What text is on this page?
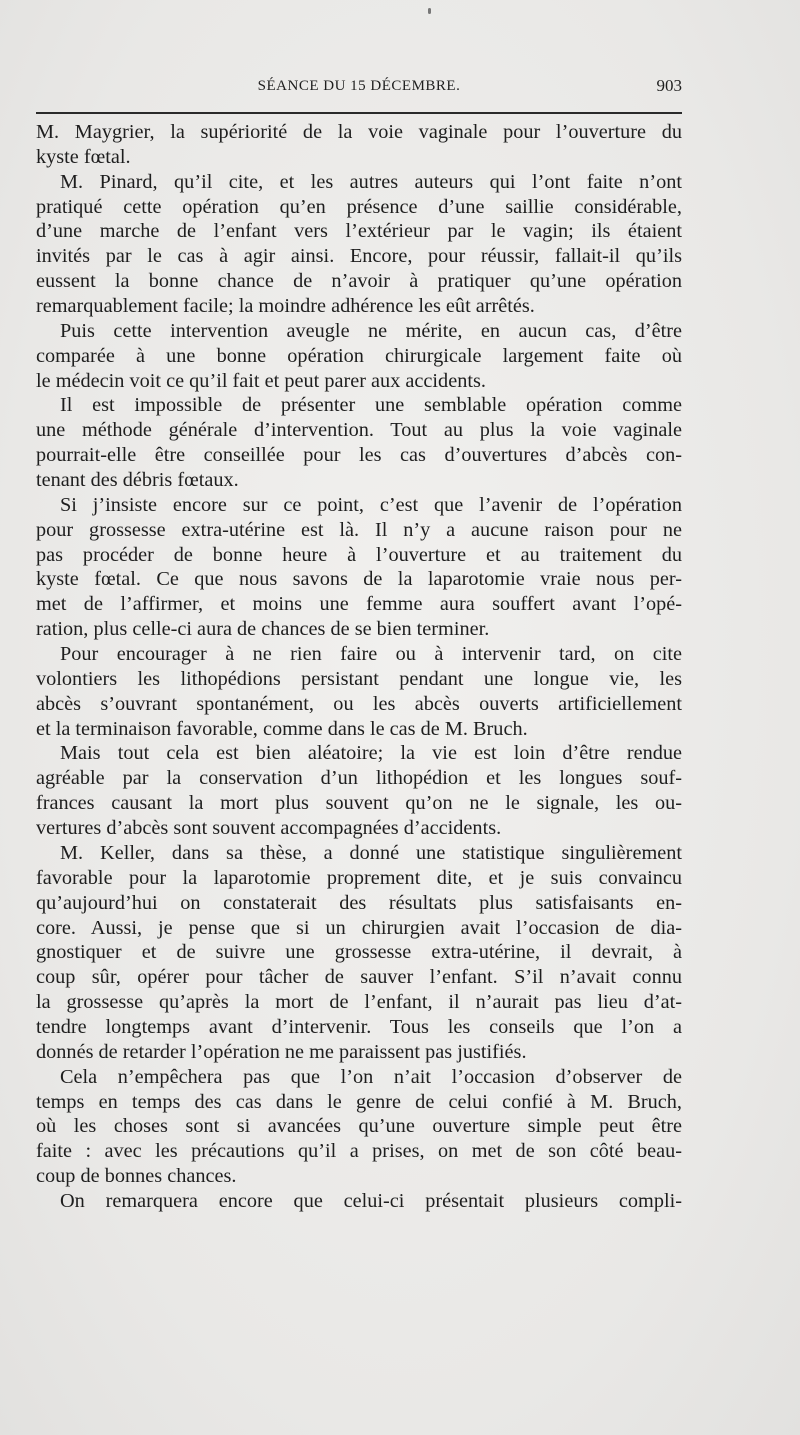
SÉANCE DU 15 DÉCEMBRE.	903
M. Maygrier, la supériorité de la voie vaginale pour l’ouverture du
kyste fœtal.
M. Pinard, qu’il cite, et les autres auteurs qui l’ont faite n’ont
pratiqué cette opération qu’en présence d’une saillie considérable,
d’une marche de l’enfant vers l’extérieur par le vagin; ils étaient
invités par le cas à agir ainsi. Encore, pour réussir, fallait-il qu’ils
eussent la bonne chance de n’avoir à pratiquer qu’une opération
remarquablement facile; la moindre adhérence les eût arrêtés.
Puis cette intervention aveugle ne mérite, en aucun cas, d’être
comparée à une bonne opération chirurgicale largement faite où
le médecin voit ce qu’il fait et peut parer aux accidents.
Il est impossible de présenter une semblable opération comme
une méthode générale d’intervention. Tout au plus la voie vaginale
pourrait-elle être conseillée pour les cas d’ouvertures d’abcès con-
tenant des débris fœtaux.
Si j’insiste encore sur ce point, c’est que l’avenir de l’opération
pour grossesse extra-utérine est là. Il n’y a aucune raison pour ne
pas procéder de bonne heure à l’ouverture et au traitement du
kyste fœtal. Ce que nous savons de la laparotomie vraie nous per-
met de l’affirmer, et moins une femme aura souffert avant l’opé-
ration, plus celle-ci aura de chances de se bien terminer.
Pour encourager à ne rien faire ou à intervenir tard, on cite
volontiers les lithopédions persistant pendant une longue vie, les
abcès s’ouvrant spontanément, ou les abcès ouverts artificiellement
et la terminaison favorable, comme dans le cas de M. Bruch.
Mais tout cela est bien aléatoire; la vie est loin d’être rendue
agréable par la conservation d’un lithopédion et les longues souf-
frances causant la mort plus souvent qu’on ne le signale, les ou-
vertures d’abcès sont souvent accompagnées d’accidents.
M. Keller, dans sa thèse, a donné une statistique singulièrement
favorable pour la laparotomie proprement dite, et je suis convaincu
qu’aujourd’hui on constaterait des résultats plus satisfaisants en-
core. Aussi, je pense que si un chirurgien avait l’occasion de dia-
gnostiquer et de suivre une grossesse extra-utérine, il devrait, à
coup sûr, opérer pour tâcher de sauver l’enfant. S’il n’avait connu
la grossesse qu’après la mort de l’enfant, il n’aurait pas lieu d’at-
tendre longtemps avant d’intervenir. Tous les conseils que l’on a
donnés de retarder l’opération ne me paraissent pas justifiés.
Cela n’empêchera pas que l’on n’ait l’occasion d’observer de
temps en temps des cas dans le genre de celui confié à M. Bruch,
où les choses sont si avancées qu’une ouverture simple peut être
faite : avec les précautions qu’il a prises, on met de son côté beau-
coup de bonnes chances.
On remarquera encore que celui-ci présentait plusieurs compli-
